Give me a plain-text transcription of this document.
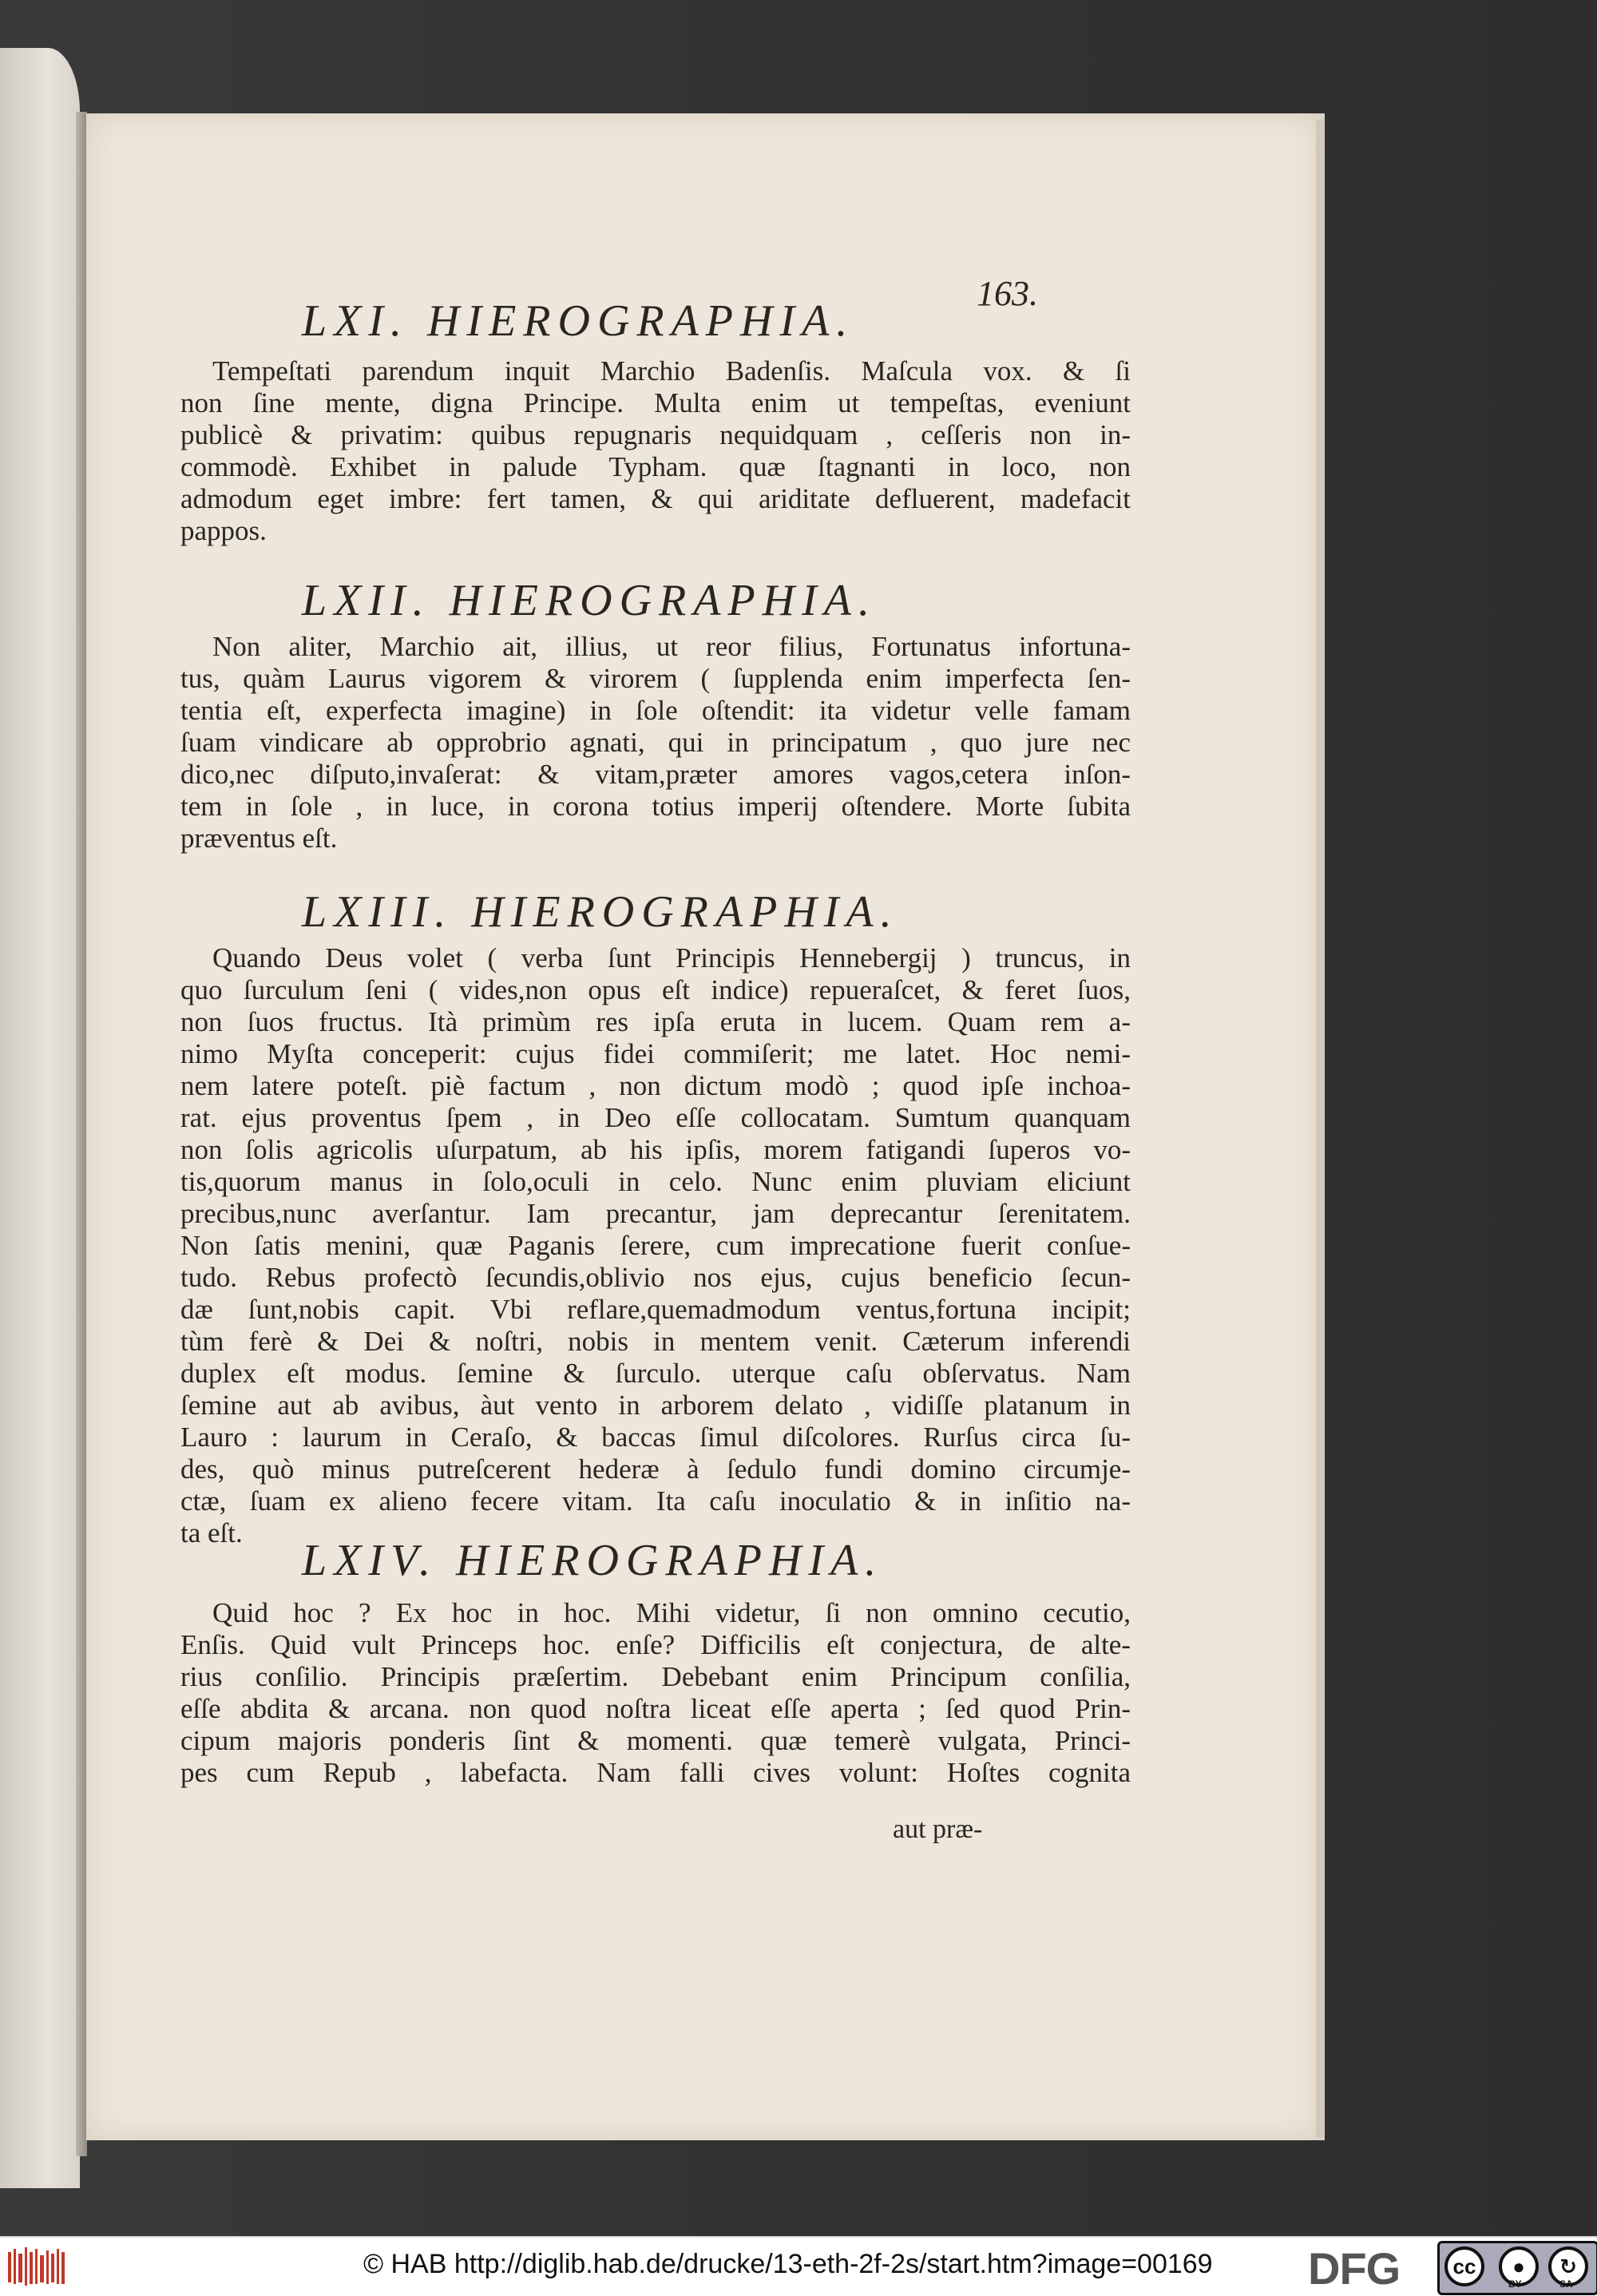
163.
LXI. HIEROGRAPHIA.
Tempeſtati parendum inquit Marchio Badenſis. Maſcula vox. & ſi
non ſine mente, digna Principe. Multa enim ut tempeſtas, eveniunt
publicè & privatim: quibus repugnaris nequidquam , ceſſeris non in-
commodè. Exhibet in palude Typham. quæ ſtagnanti in loco, non
admodum eget imbre: fert tamen, & qui ariditate defluerent, madefacit
pappos.
LXII. HIEROGRAPHIA.
Non aliter, Marchio ait, illius, ut reor filius, Fortunatus infortuna-
tus, quàm Laurus vigorem & virorem ( ſupplenda enim imperfecta ſen-
tentia eſt, experfecta imagine) in ſole oſtendit: ita videtur velle famam
ſuam vindicare ab opprobrio agnati, qui in principatum , quo jure nec
dico,nec diſputo,invaſerat: & vitam,præter amores vagos,cetera inſon-
tem in ſole , in luce, in corona totius imperij oſtendere. Morte ſubita
præventus eſt.
LXIII. HIEROGRAPHIA.
Quando Deus volet ( verba ſunt Principis Hennebergij ) truncus, in
quo ſurculum ſeni ( vides,non opus eſt indice) repueraſcet, & feret ſuos,
non ſuos fructus. Ità primùm res ipſa eruta in lucem. Quam rem a-
nimo Myſta conceperit: cujus fidei commiſerit; me latet. Hoc nemi-
nem latere poteſt. piè factum , non dictum modò ; quod ipſe inchoa-
rat. ejus proventus ſpem , in Deo eſſe collocatam. Sumtum quanquam
non ſolis agricolis uſurpatum, ab his ipſis, morem fatigandi ſuperos vo-
tis,quorum manus in ſolo,oculi in celo. Nunc enim pluviam eliciunt
precibus,nunc averſantur. Iam precantur, jam deprecantur ſerenitatem.
Non ſatis menini, quæ Paganis ſerere, cum imprecatione fuerit conſue-
tudo. Rebus profectò ſecundis,oblivio nos ejus, cujus beneficio ſecun-
dæ ſunt,nobis capit. Vbi reflare,quemadmodum ventus,fortuna incipit;
tùm ferè & Dei & noſtri, nobis in mentem venit. Cæterum inferendi
duplex eſt modus. ſemine & ſurculo. uterque caſu obſervatus. Nam
ſemine aut ab avibus, àut vento in arborem delato , vidiſſe platanum in
Lauro : laurum in Ceraſo, & baccas ſimul diſcolores. Rurſus circa ſu-
des, quò minus putreſcerent hederæ à ſedulo fundi domino circumje-
ctæ, ſuam ex alieno fecere vitam. Ita caſu inoculatio & in inſitio na-
ta eſt.
LXIV. HIEROGRAPHIA.
Quid hoc ? Ex hoc in hoc. Mihi videtur, ſi non omnino cecutio,
Enſis. Quid vult Princeps hoc. enſe? Difficilis eſt conjectura, de alte-
rius conſilio. Principis præſertim. Debebant enim Principum conſilia,
eſſe abdita & arcana. non quod noſtra liceat eſſe aperta ; ſed quod Prin-
cipum majoris ponderis ſint & momenti. quæ temerè vulgata, Princi-
pes cum Repub , labefacta. Nam falli cives volunt: Hoſtes cognita
aut præ-
© HAB http://diglib.hab.de/drucke/13-eth-2f-2s/start.htm?image=00169 DFG	cc	●	↻
BY	SA
